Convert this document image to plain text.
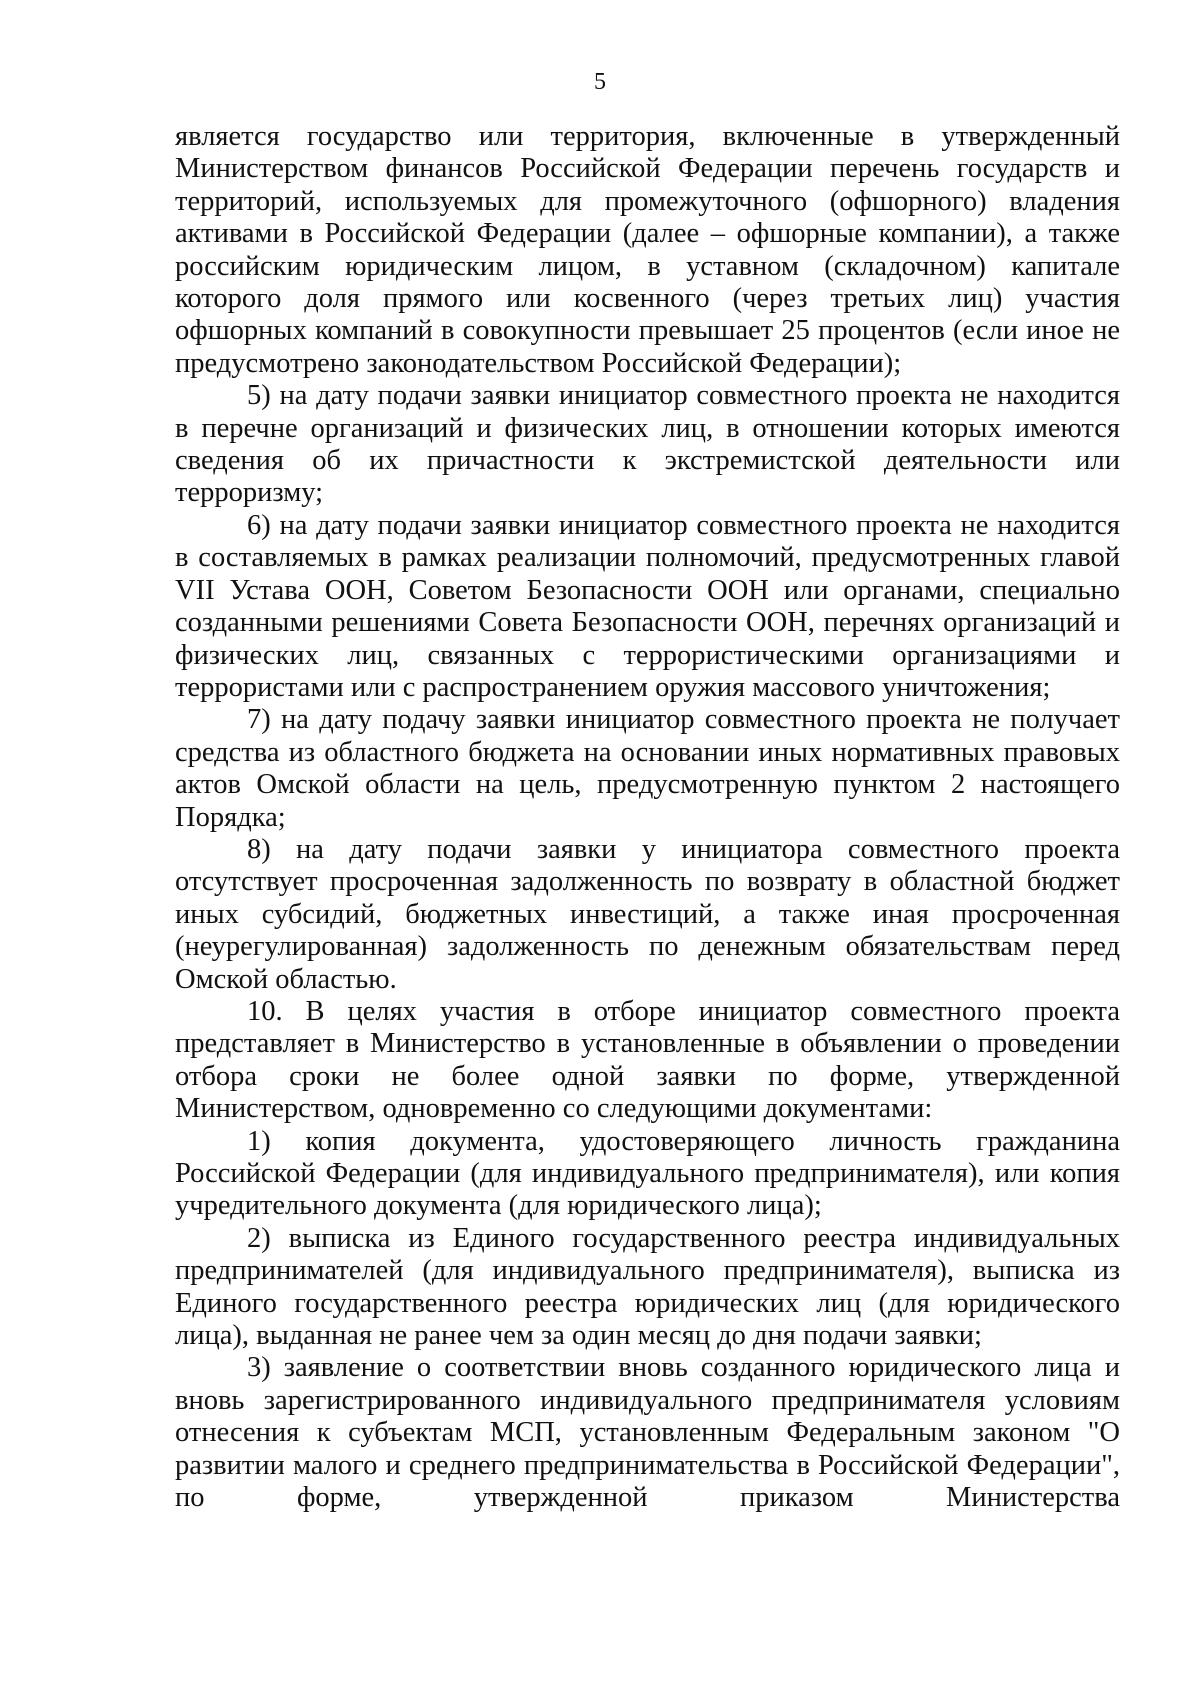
5

является государство или территория, включенные в утвержденный Министерством финансов Российской Федерации перечень государств и территорий, используемых для промежуточного (офшорного) владения активами в Российской Федерации (далее – офшорные компании), а также российским юридическим лицом, в уставном (складочном) капитале которого доля прямого или косвенного (через третьих лиц) участия офшорных компаний в совокупности превышает 25 процентов (если иное не предусмотрено законодательством Российской Федерации);

5) на дату подачи заявки инициатор совместного проекта не находится в перечне организаций и физических лиц, в отношении которых имеются сведения об их причастности к экстремистской деятельности или терроризму;

6) на дату подачи заявки инициатор совместного проекта не находится в составляемых в рамках реализации полномочий, предусмотренных главой VII Устава ООН, Советом Безопасности ООН или органами, специально созданными решениями Совета Безопасности ООН, перечнях организаций и физических лиц, связанных с террористическими организациями и террористами или с распространением оружия массового уничтожения;

7) на дату подачу заявки инициатор совместного проекта не получает средства из областного бюджета на основании иных нормативных правовых актов Омской области на цель, предусмотренную пунктом 2 настоящего Порядка;

8) на дату подачи заявки у инициатора совместного проекта отсутствует просроченная задолженность по возврату в областной бюджет иных субсидий, бюджетных инвестиций, а также иная просроченная (неурегулированная) задолженность по денежным обязательствам перед Омской областью.

10. В целях участия в отборе инициатор совместного проекта представляет в Министерство в установленные в объявлении о проведении отбора сроки не более одной заявки по форме, утвержденной Министерством, одновременно со следующими документами:

1) копия документа, удостоверяющего личность гражданина Российской Федерации (для индивидуального предпринимателя), или копия учредительного документа (для юридического лица);

2) выписка из Единого государственного реестра индивидуальных предпринимателей (для индивидуального предпринимателя), выписка из Единого государственного реестра юридических лиц (для юридического лица), выданная не ранее чем за один месяц до дня подачи заявки;

3) заявление о соответствии вновь созданного юридического лица и вновь зарегистрированного индивидуального предпринимателя условиям отнесения к субъектам МСП, установленным Федеральным законом "О развитии малого и среднего предпринимательства в Российской Федерации", по форме, утвержденной приказом Министерства
